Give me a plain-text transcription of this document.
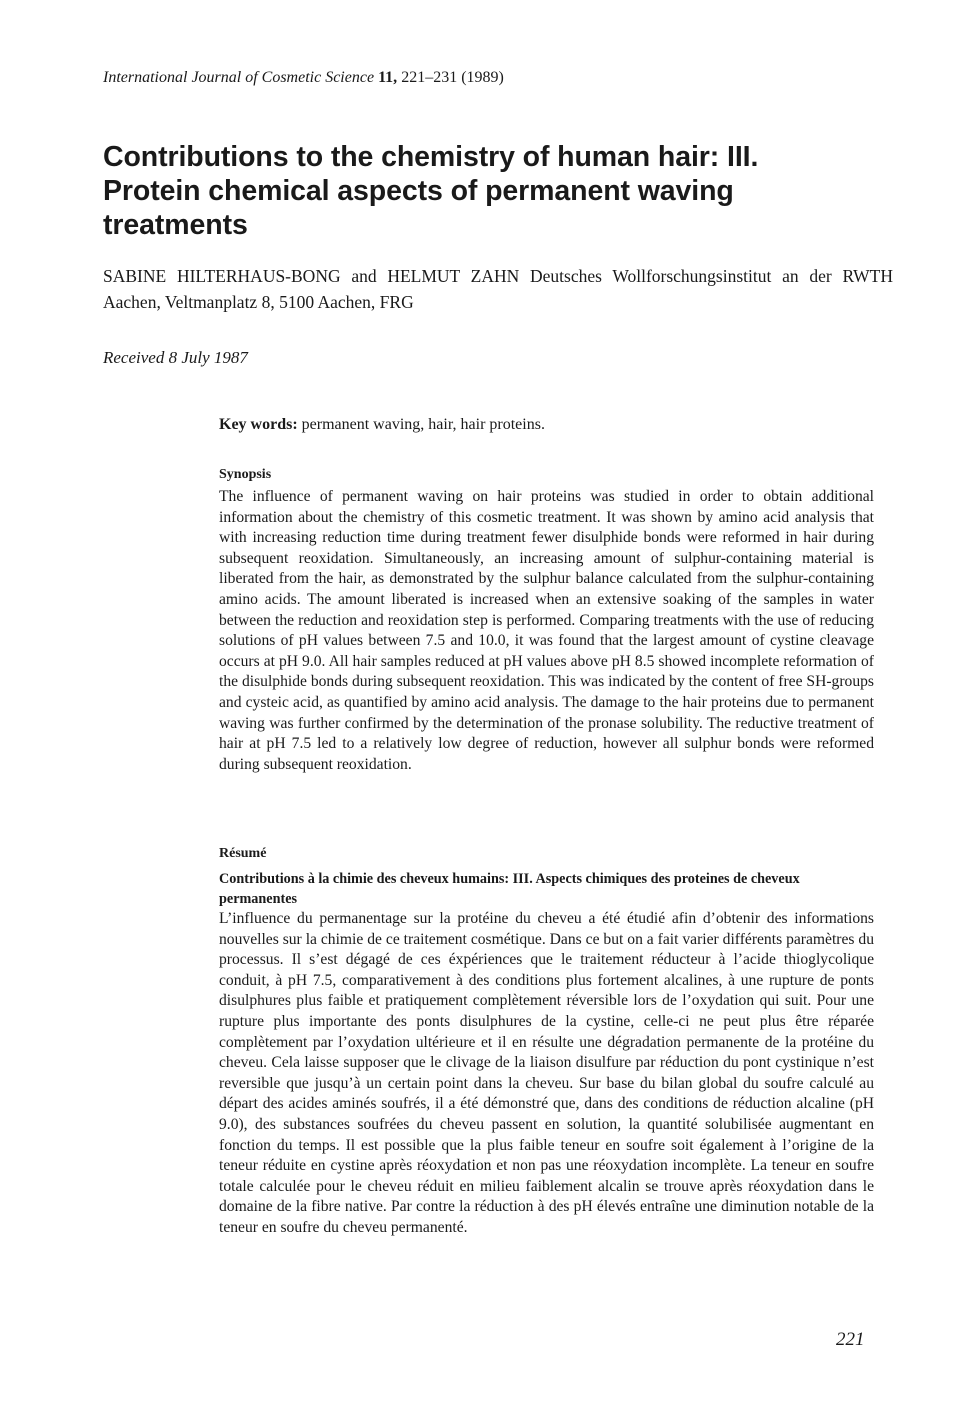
International Journal of Cosmetic Science 11, 221–231 (1989)
Contributions to the chemistry of human hair: III. Protein chemical aspects of permanent waving treatments

SABINE HILTERHAUS-BONG and HELMUT ZAHN Deutsches Wollforschungsinstitut an der RWTH Aachen, Veltmanplatz 8, 5100 Aachen, FRG

Received 8 July 1987
Key words: permanent waving, hair, hair proteins.
Synopsis

The influence of permanent waving on hair proteins was studied in order to obtain additional information about the chemistry of this cosmetic treatment. It was shown by amino acid analysis that with increasing reduction time during treatment fewer disulphide bonds were reformed in hair during subsequent reoxidation. Simultaneously, an increasing amount of sulphur-containing material is liberated from the hair, as demonstrated by the sulphur balance calculated from the sulphur-containing amino acids. The amount liberated is increased when an extensive soaking of the samples in water between the reduction and reoxidation step is performed. Comparing treatments with the use of reducing solutions of pH values between 7.5 and 10.0, it was found that the largest amount of cystine cleavage occurs at pH 9.0. All hair samples reduced at pH values above pH 8.5 showed incomplete reformation of the disulphide bonds during subsequent reoxidation. This was indicated by the content of free SH-groups and cysteic acid, as quantified by amino acid analysis. The damage to the hair proteins due to permanent waving was further confirmed by the determination of the pronase solubility. The reductive treatment of hair at pH 7.5 led to a relatively low degree of reduction, however all sulphur bonds were reformed during subsequent reoxidation.

Résumé
Contributions à la chimie des cheveux humains: III. Aspects chimiques des proteines de cheveux permanentes

L’influence du permanentage sur la protéine du cheveu a été étudié afin d’obtenir des informations nouvelles sur la chimie de ce traitement cosmétique. Dans ce but on a fait varier différents paramètres du processus. Il s’est dégagé de ces éxpériences que le traitement réducteur à l’acide thioglycolique conduit, à pH 7.5, comparativement à des conditions plus fortement alcalines, à une rupture de ponts disulphures plus faible et pratiquement complètement réversible lors de l’oxydation qui suit. Pour une rupture plus importante des ponts disulphures de la cystine, celle-ci ne peut plus être réparée complètement par l’oxydation ultérieure et il en résulte une dégradation permanente de la protéine du cheveu. Cela laisse supposer que le clivage de la liaison disulfure par réduction du pont cystinique n’est reversible que jusqu’à un certain point dans la cheveu. Sur base du bilan global du soufre calculé au départ des acides aminés soufrés, il a été démonstré que, dans des conditions de réduction alcaline (pH 9.0), des substances soufrées du cheveu passent en solution, la quantité solubilisée augmentant en fonction du temps. Il est possible que la plus faible teneur en soufre soit également à l’origine de la teneur réduite en cystine après réoxydation et non pas une réoxydation incomplète. La teneur en soufre totale calculée pour le cheveu réduit en milieu faiblement alcalin se trouve après réoxydation dans le domaine de la fibre native. Par contre la réduction à des pH élevés entraîne une diminution notable de la teneur en soufre du cheveu permanenté.

221
